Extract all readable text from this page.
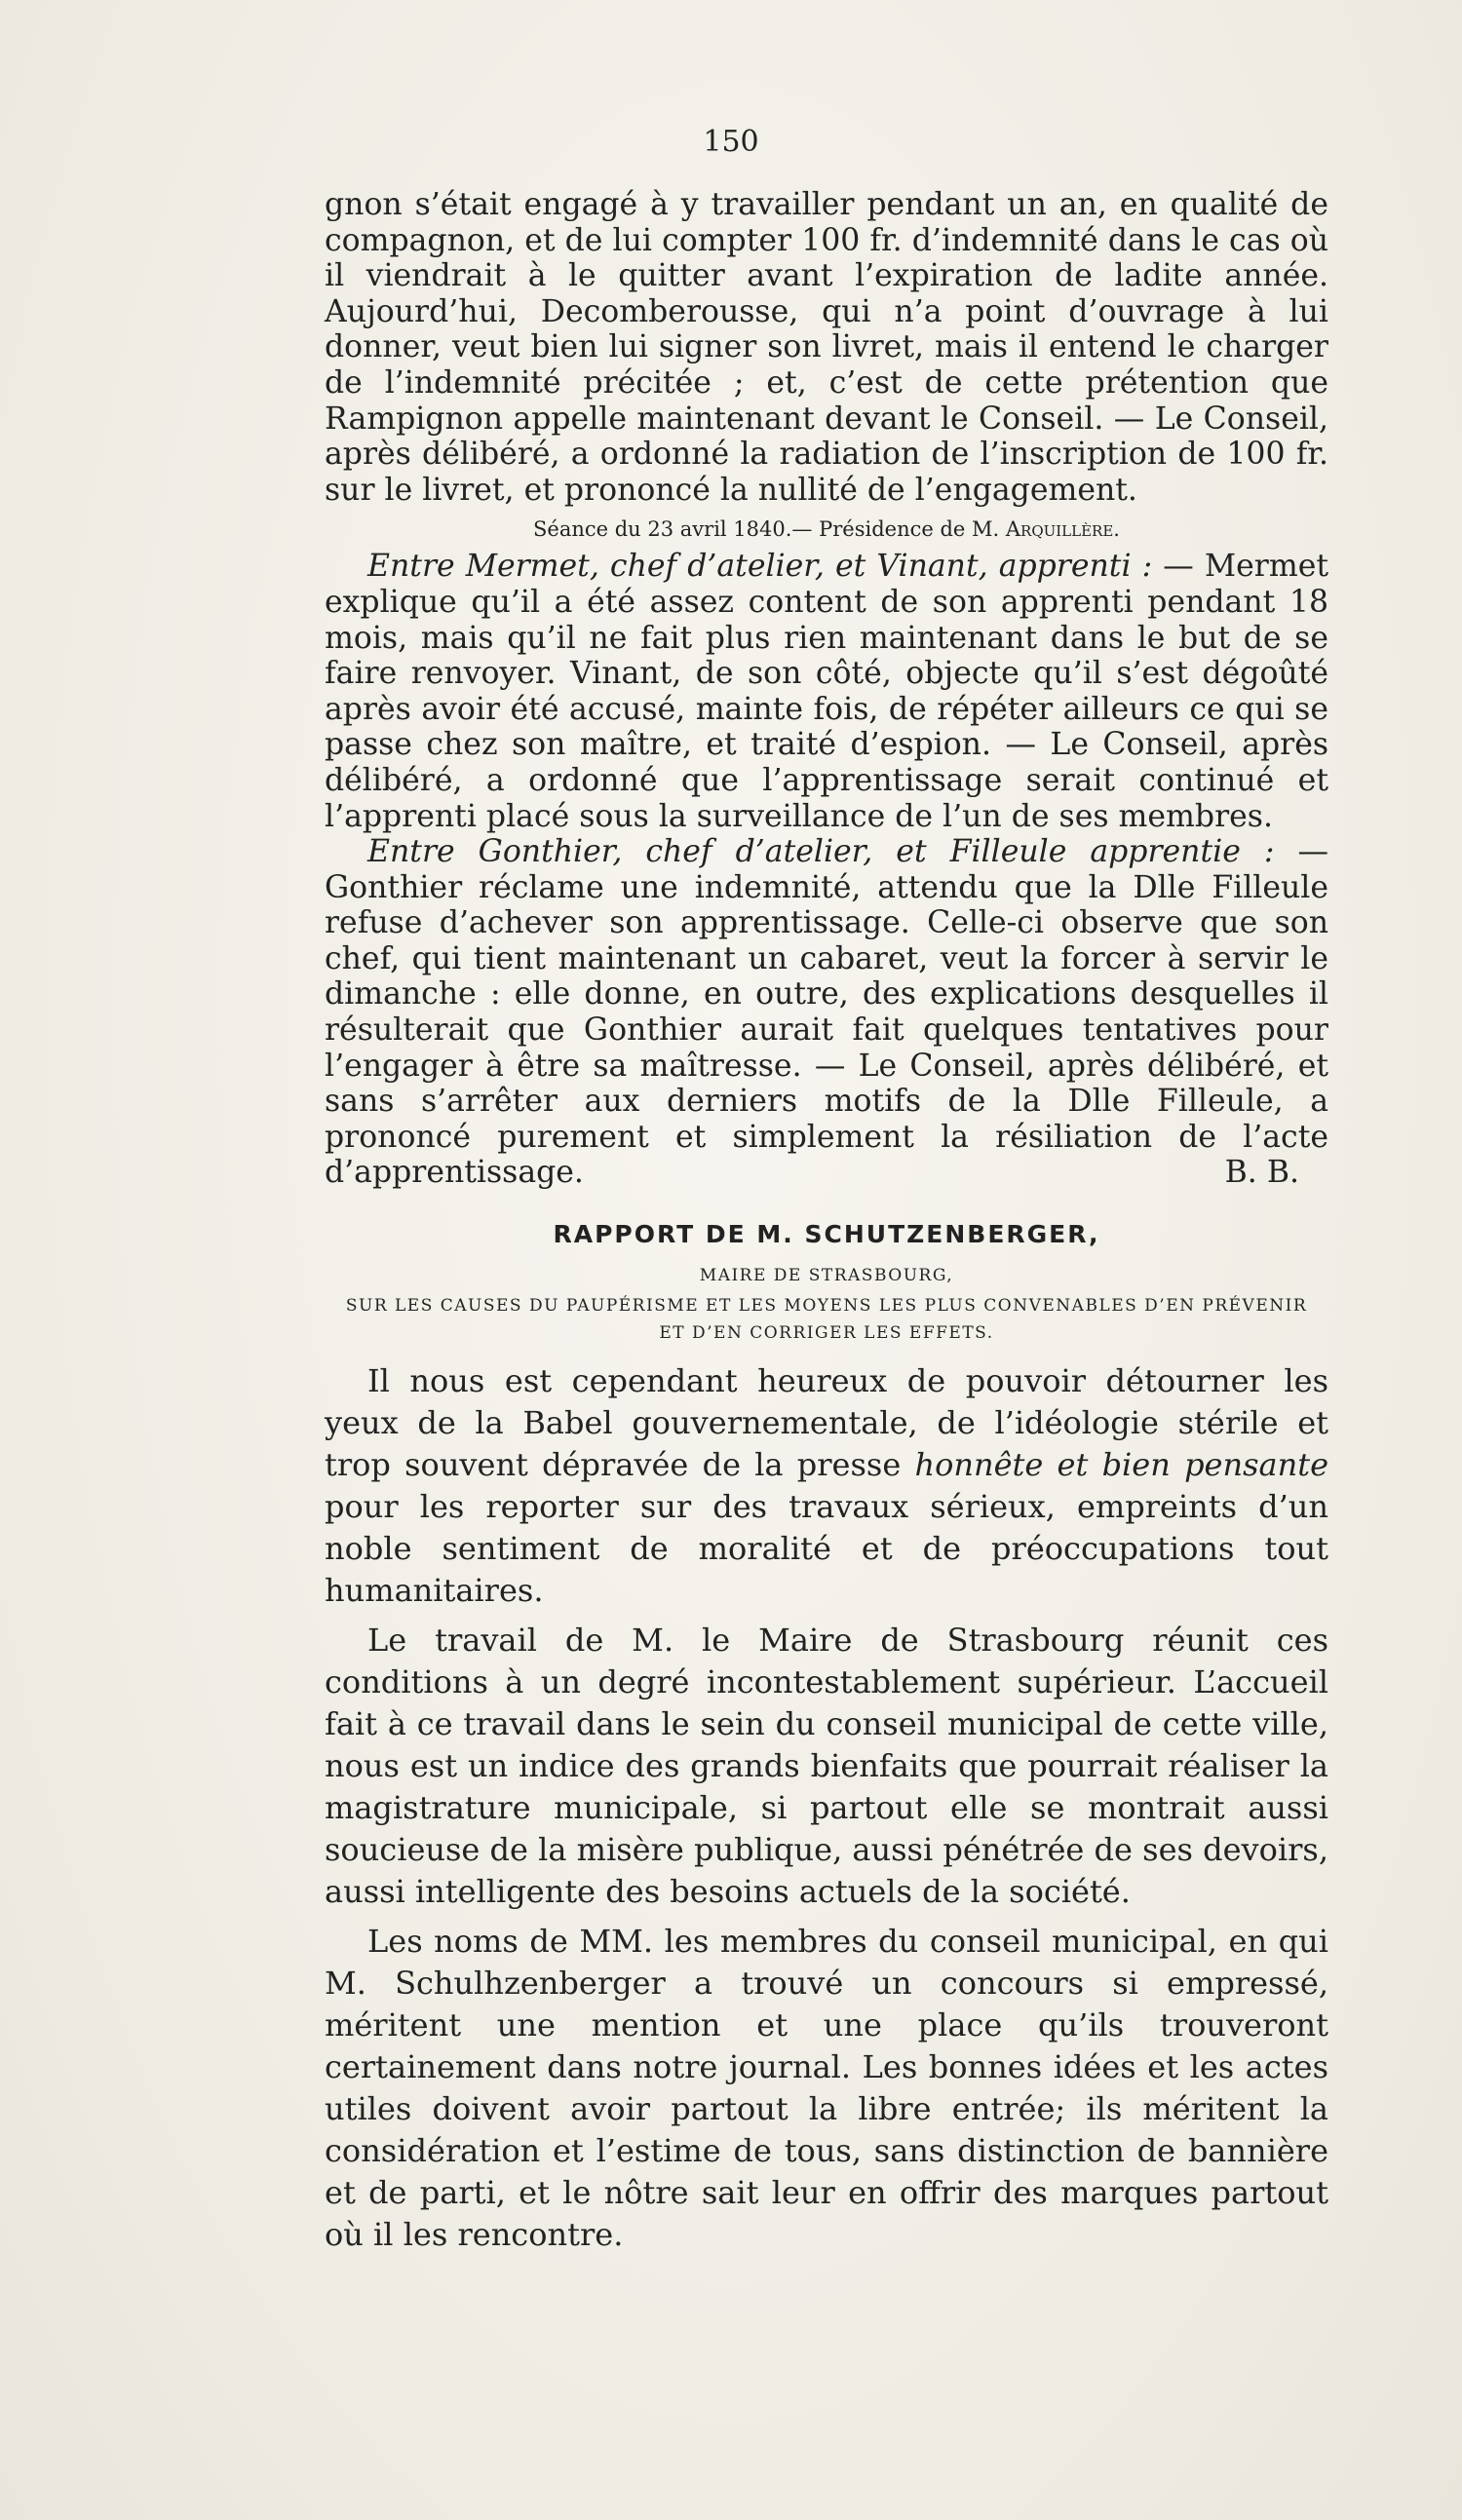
150

gnon s’était engagé à y travailler pendant un an, en qualité de compagnon, et de lui compter 100 fr. d’indemnité dans le cas où il viendrait à le quitter avant l’expiration de ladite année. Aujourd’hui, Decomberousse, qui n’a point d’ouvrage à lui donner, veut bien lui signer son livret, mais il entend le charger de l’indemnité précitée ; et, c’est de cette prétention que Rampignon appelle maintenant devant le Conseil. — Le Conseil, après délibéré, a ordonné la radiation de l’inscription de 100 fr. sur le livret, et prononcé la nullité de l’engagement.

Séance du 23 avril 1840.— Présidence de M. Arquillère.

Entre Mermet, chef d’atelier, et Vinant, apprenti : — Mermet explique qu’il a été assez content de son apprenti pendant 18 mois, mais qu’il ne fait plus rien maintenant dans le but de se faire renvoyer. Vinant, de son côté, objecte qu’il s’est dégoûté après avoir été accusé, mainte fois, de répéter ailleurs ce qui se passe chez son maître, et traité d’espion. — Le Conseil, après délibéré, a ordonné que l’apprentissage serait continué et l’apprenti placé sous la surveillance de l’un de ses membres.

Entre Gonthier, chef d’atelier, et Filleule apprentie : — Gonthier réclame une indemnité, attendu que la Dlle Filleule refuse d’achever son apprentissage. Celle-ci observe que son chef, qui tient maintenant un cabaret, veut la forcer à servir le dimanche : elle donne, en outre, des explications desquelles il résulterait que Gonthier aurait fait quelques tentatives pour l’engager à être sa maîtresse. — Le Conseil, après délibéré, et sans s’arrêter aux derniers motifs de la Dlle Filleule, a prononcé purement et simplement la résiliation de l’acte d’apprentissage.	B. B.

RAPPORT DE M. SCHUTZENBERGER,
MAIRE DE STRASBOURG,
SUR LES CAUSES DU PAUPÉRISME ET LES MOYENS LES PLUS CONVENABLES D’EN PRÉVENIR
ET D’EN CORRIGER LES EFFETS.

Il nous est cependant heureux de pouvoir détourner les yeux de la Babel gouvernementale, de l’idéologie stérile et trop souvent dépravée de la presse honnête et bien pensante pour les reporter sur des travaux sérieux, empreints d’un noble sentiment de moralité et de préoccupations tout humanitaires.

Le travail de M. le Maire de Strasbourg réunit ces conditions à un degré incontestablement supérieur. L’accueil fait à ce travail dans le sein du conseil municipal de cette ville, nous est un indice des grands bienfaits que pourrait réaliser la magistrature municipale, si partout elle se montrait aussi soucieuse de la misère publique, aussi pénétrée de ses devoirs, aussi intelligente des besoins actuels de la société.

Les noms de MM. les membres du conseil municipal, en qui M. Schulhzenberger a trouvé un concours si empressé, méritent une mention et une place qu’ils trouveront certainement dans notre journal. Les bonnes idées et les actes utiles doivent avoir partout la libre entrée; ils méritent la considération et l’estime de tous, sans distinction de bannière et de parti, et le nôtre sait leur en offrir des marques partout où il les rencontre.
